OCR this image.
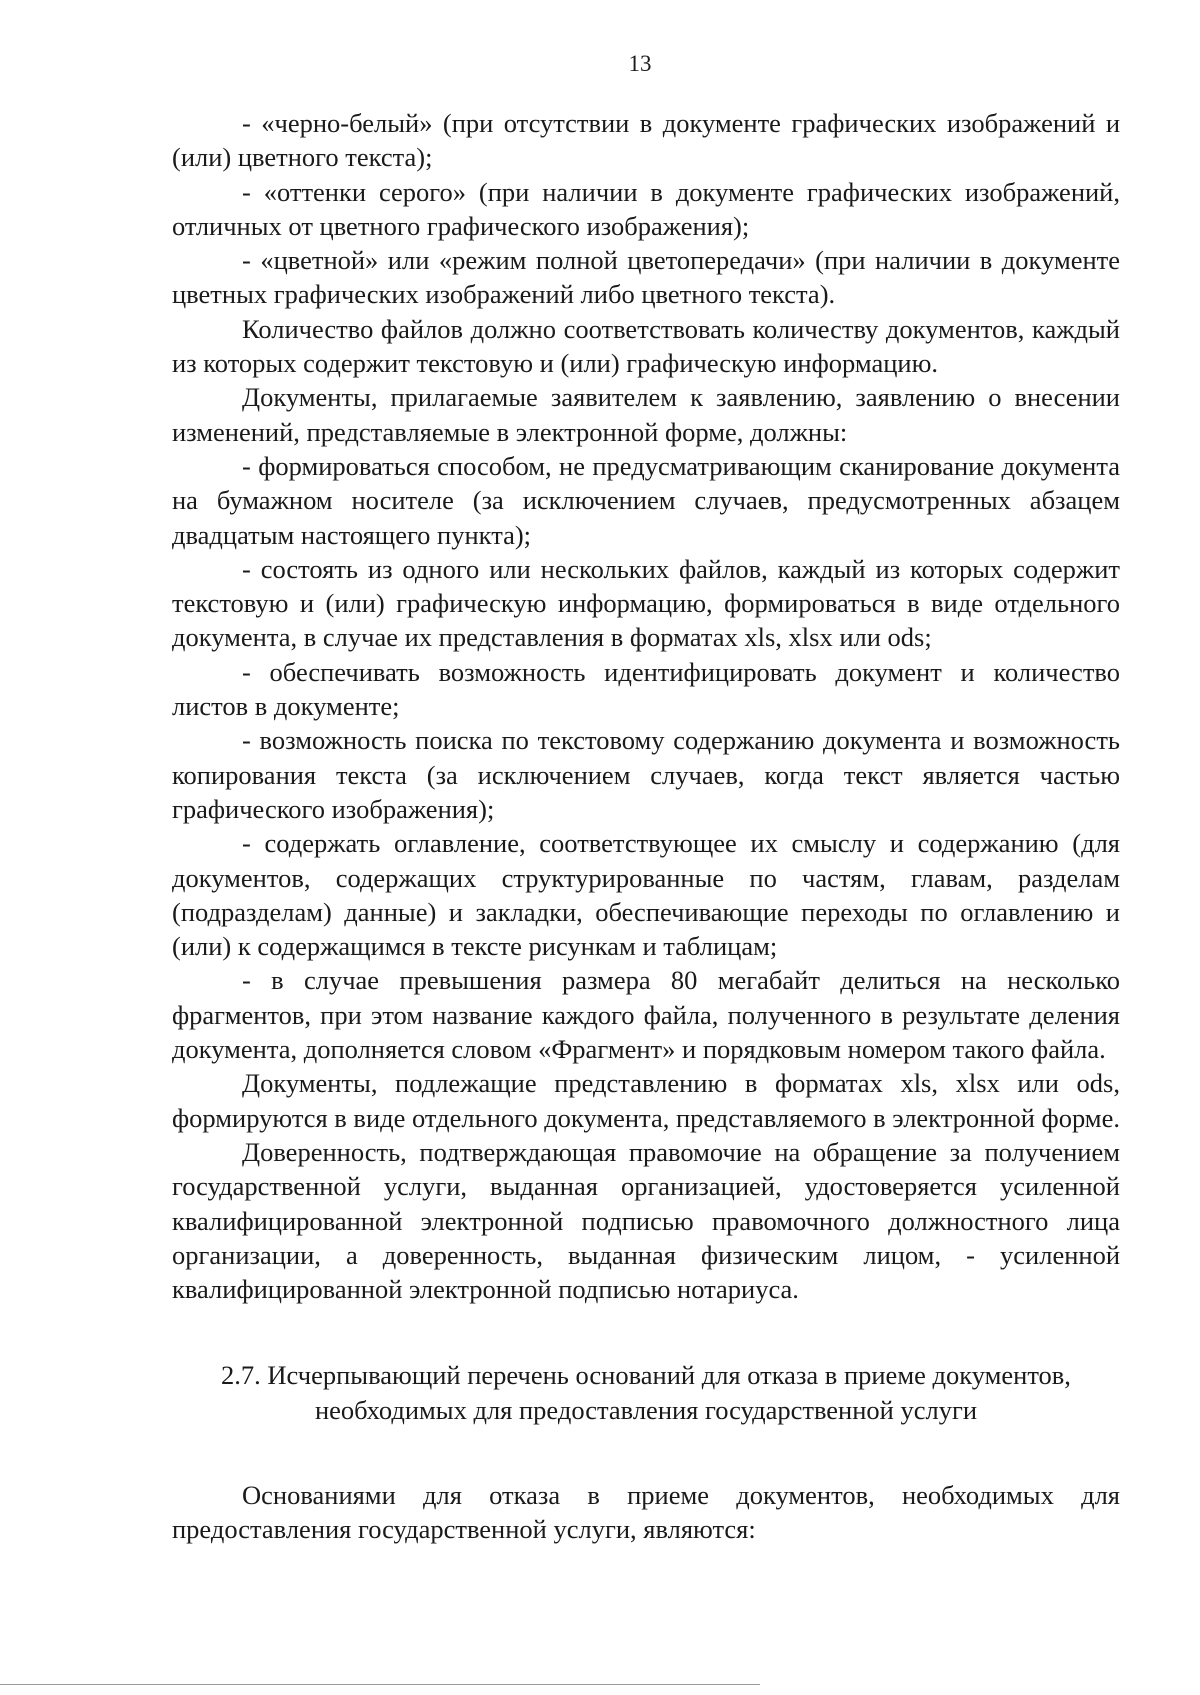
13

- «черно-белый» (при отсутствии в документе графических изображений и (или) цветного текста);

- «оттенки серого» (при наличии в документе графических изображений, отличных от цветного графического изображения);

- «цветной» или «режим полной цветопередачи» (при наличии в документе цветных графических изображений либо цветного текста).

Количество файлов должно соответствовать количеству документов, каждый из которых содержит текстовую и (или) графическую информацию.

Документы, прилагаемые заявителем к заявлению, заявлению о внесении изменений, представляемые в электронной форме, должны:

- формироваться способом, не предусматривающим сканирование документа на бумажном носителе (за исключением случаев, предусмотренных абзацем двадцатым настоящего пункта);

- состоять из одного или нескольких файлов, каждый из которых содержит текстовую и (или) графическую информацию, формироваться в виде отдельного документа, в случае их представления в форматах xls, xlsx или ods;

- обеспечивать возможность идентифицировать документ и количество листов в документе;

- возможность поиска по текстовому содержанию документа и возможность копирования текста (за исключением случаев, когда текст является частью графического изображения);

- содержать оглавление, соответствующее их смыслу и содержанию (для документов, содержащих структурированные по частям, главам, разделам (подразделам) данные) и закладки, обеспечивающие переходы по оглавлению и (или) к содержащимся в тексте рисункам и таблицам;

- в случае превышения размера 80 мегабайт делиться на несколько фрагментов, при этом название каждого файла, полученного в результате деления документа, дополняется словом «Фрагмент» и порядковым номером такого файла.

Документы, подлежащие представлению в форматах xls, xlsx или ods, формируются в виде отдельного документа, представляемого в электронной форме.

Доверенность, подтверждающая правомочие на обращение за получением государственной услуги, выданная организацией, удостоверяется усиленной квалифицированной электронной подписью правомочного должностного лица организации, а доверенность, выданная физическим лицом, - усиленной квалифицированной электронной подписью нотариуса.

2.7. Исчерпывающий перечень оснований для отказа в приеме документов,
необходимых для предоставления государственной услуги

Основаниями для отказа в приеме документов, необходимых для предоставления государственной услуги, являются:
